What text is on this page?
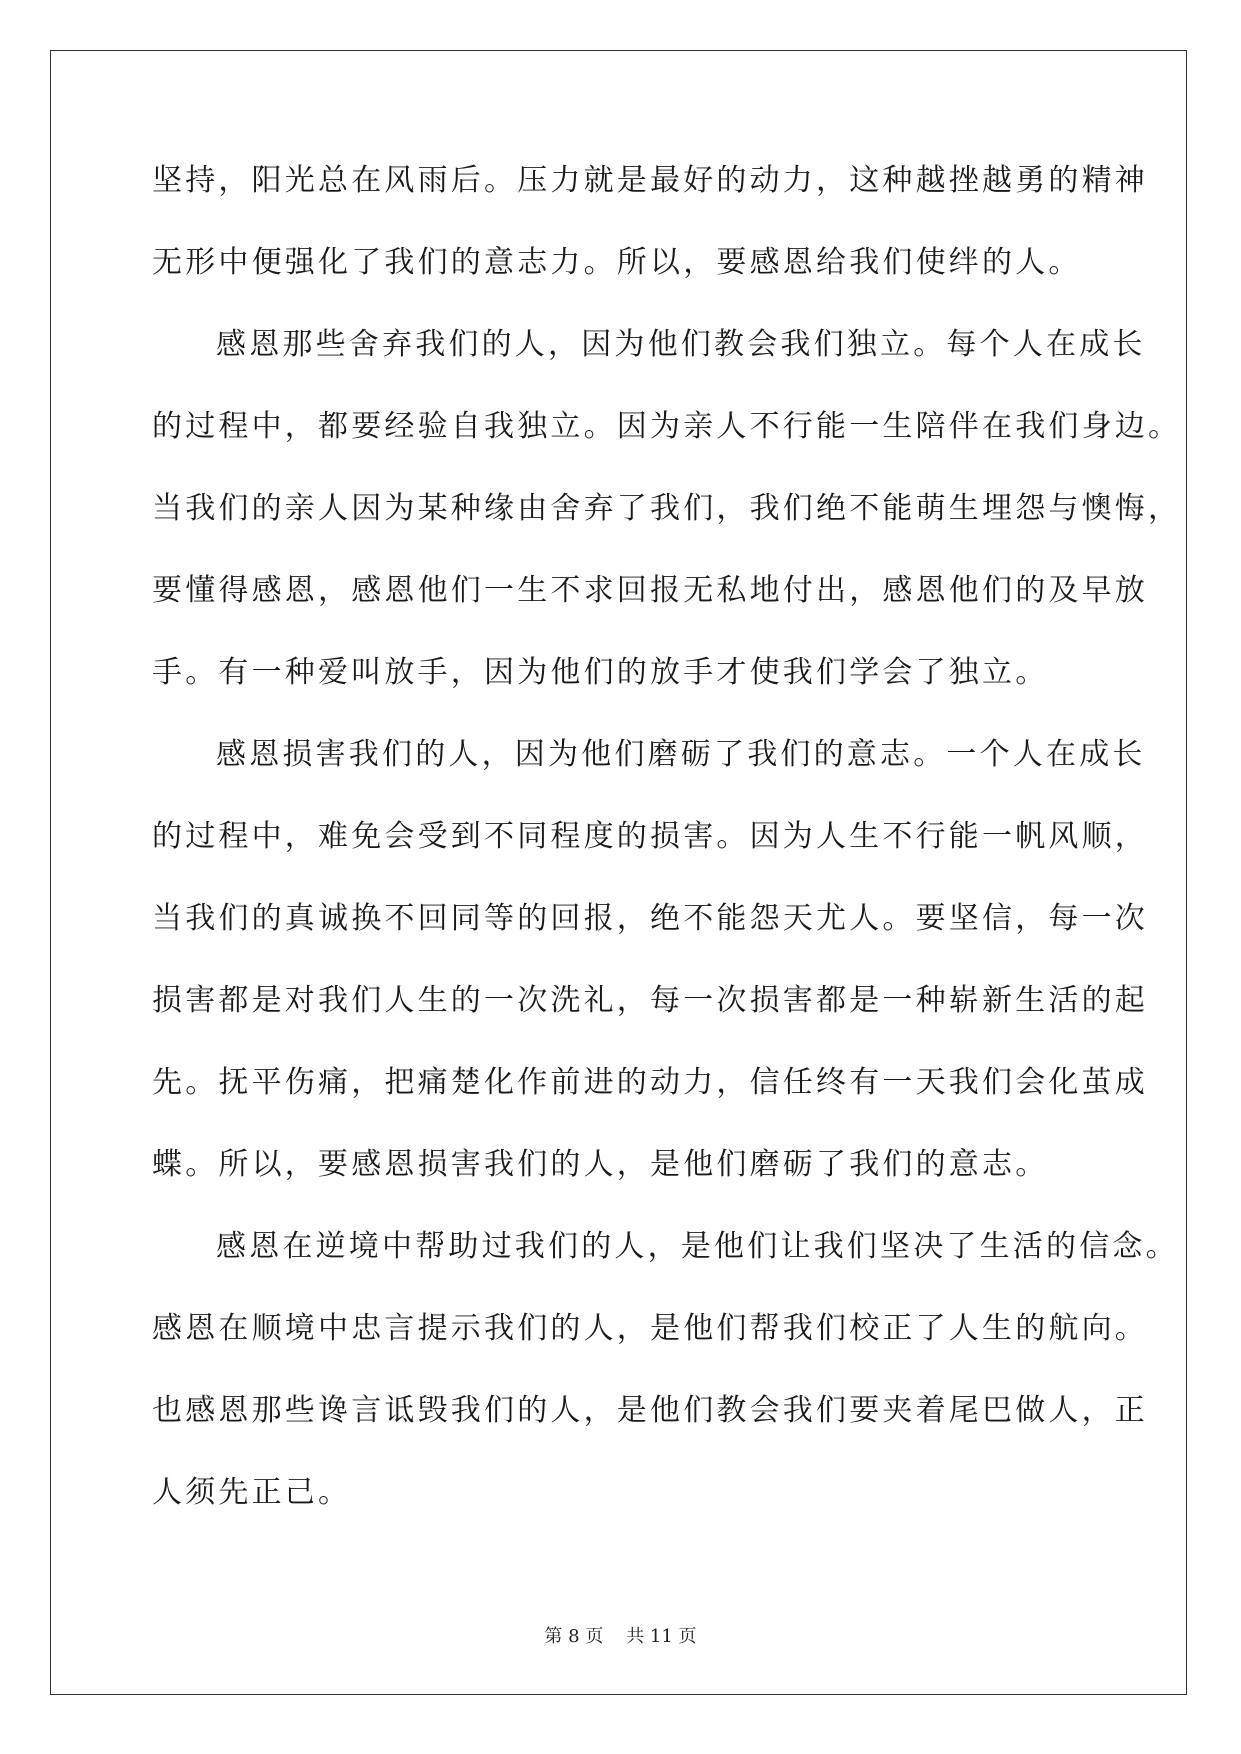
坚持，阳光总在风雨后。压力就是最好的动力，这种越挫越勇的精神
无形中便强化了我们的意志力。所以，要感恩给我们使绊的人。
感恩那些舍弃我们的人，因为他们教会我们独立。每个人在成长
的过程中，都要经验自我独立。因为亲人不行能一生陪伴在我们身边。
当我们的亲人因为某种缘由舍弃了我们，我们绝不能萌生埋怨与懊悔，
要懂得感恩，感恩他们一生不求回报无私地付出，感恩他们的及早放
手。有一种爱叫放手，因为他们的放手才使我们学会了独立。
感恩损害我们的人，因为他们磨砺了我们的意志。一个人在成长
的过程中，难免会受到不同程度的损害。因为人生不行能一帆风顺，
当我们的真诚换不回同等的回报，绝不能怨天尤人。要坚信，每一次
损害都是对我们人生的一次洗礼，每一次损害都是一种崭新生活的起
先。抚平伤痛，把痛楚化作前进的动力，信任终有一天我们会化茧成
蝶。所以，要感恩损害我们的人，是他们磨砺了我们的意志。
感恩在逆境中帮助过我们的人，是他们让我们坚决了生活的信念。
感恩在顺境中忠言提示我们的人，是他们帮我们校正了人生的航向。
也感恩那些谗言诋毁我们的人，是他们教会我们要夹着尾巴做人，正
人须先正己。
第 8 页    共 11 页
